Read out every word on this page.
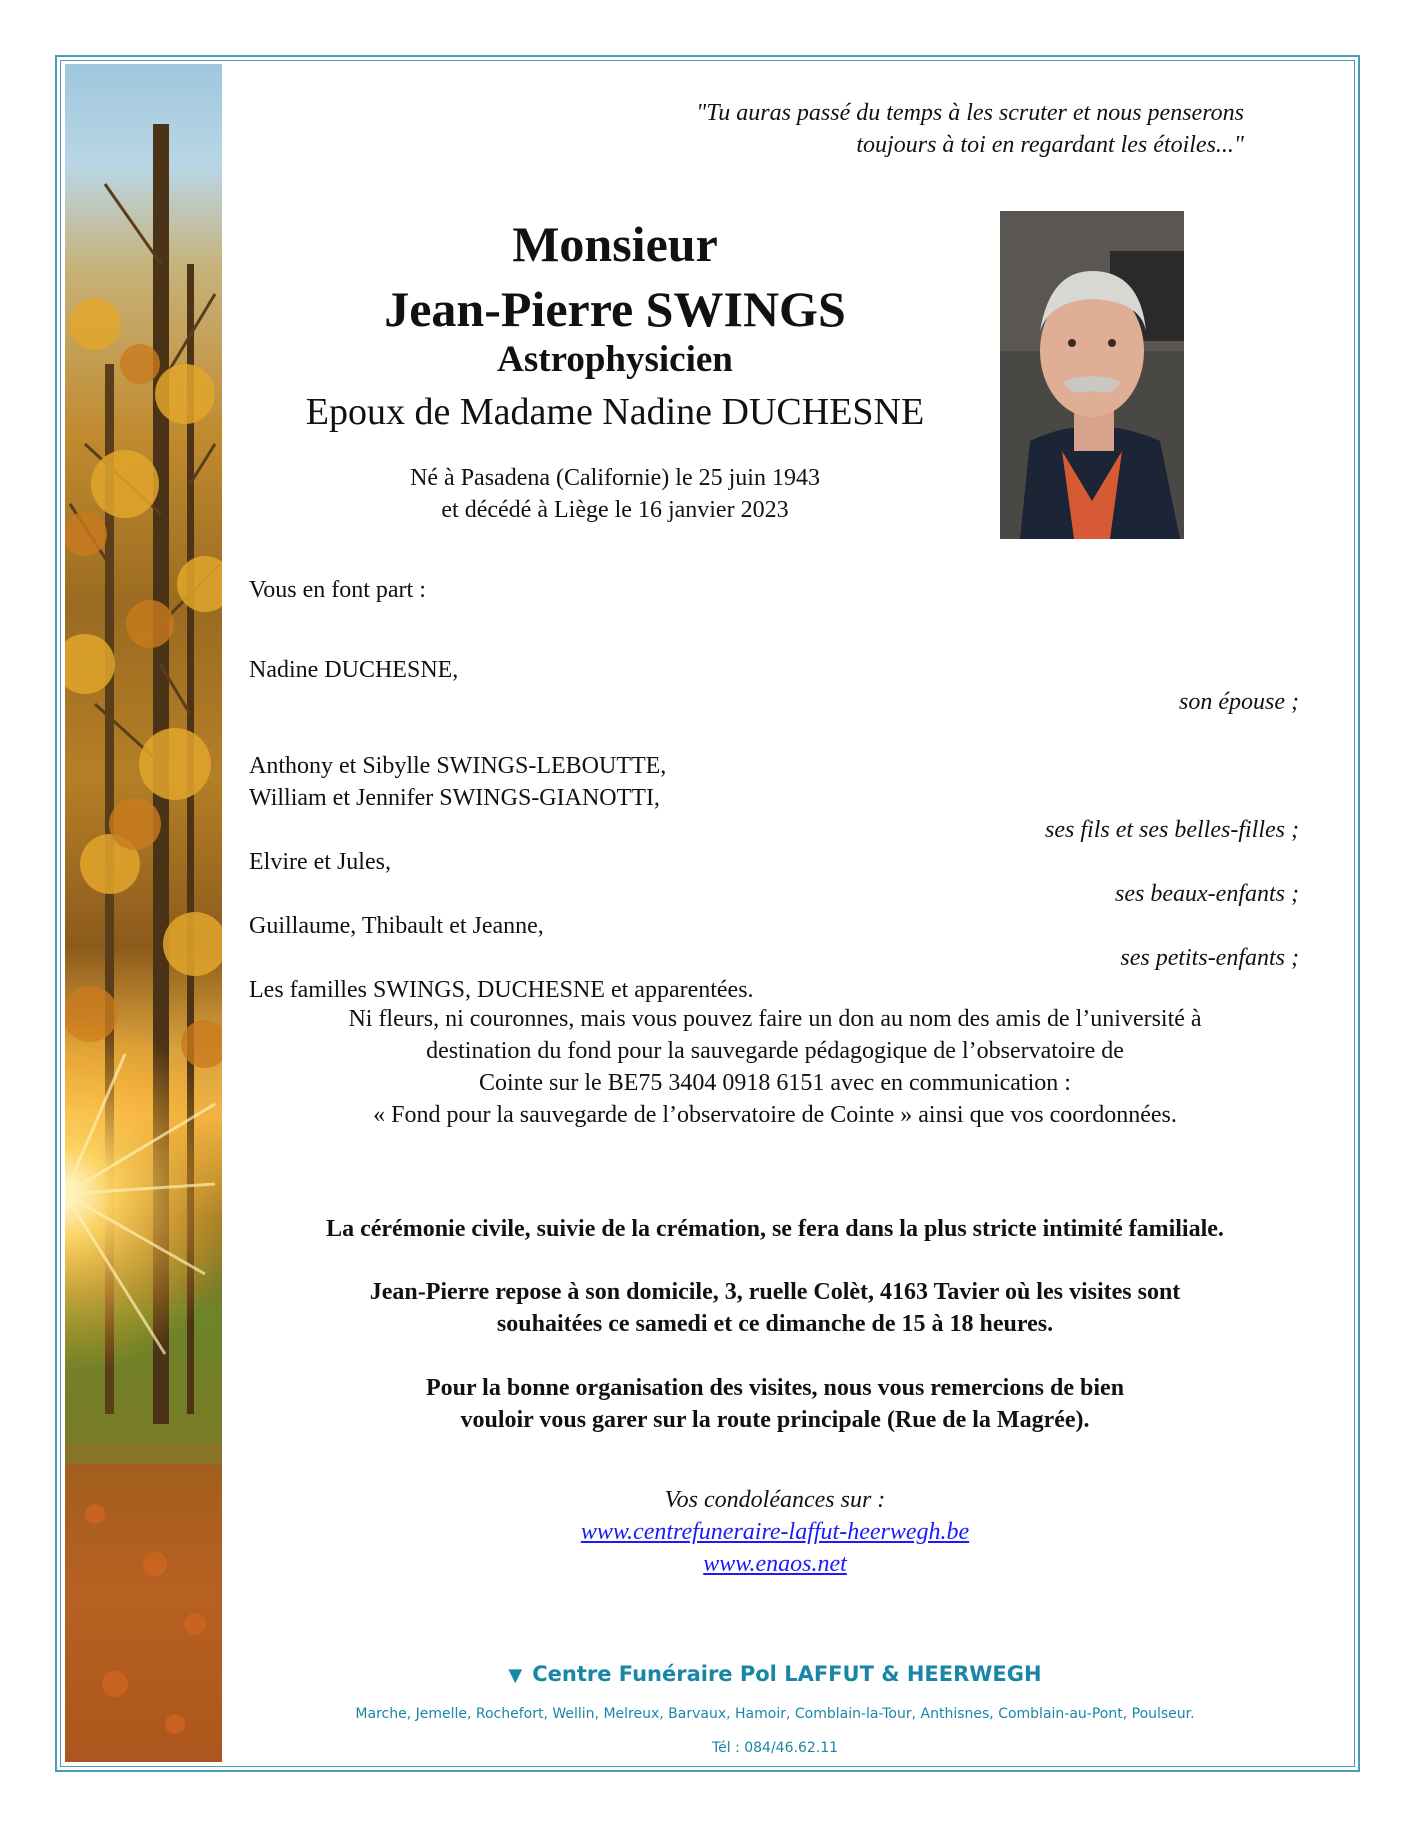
"Tu auras passé du temps à les scruter et nous penserons
toujours à toi en regardant les étoiles..."
Monsieur
Jean-Pierre SWINGS
Astrophysicien
Epoux de Madame Nadine DUCHESNE
Né à Pasadena (Californie) le 25 juin 1943
et décédé à Liège le 16 janvier 2023
Vous en font part :
Nadine DUCHESNE,
son épouse ;
Anthony et Sibylle SWINGS-LEBOUTTE,
William et Jennifer SWINGS-GIANOTTI,
ses fils et ses belles-filles ;
Elvire et Jules,
ses beaux-enfants ;
Guillaume, Thibault et Jeanne,
ses petits-enfants ;
Les familles SWINGS, DUCHESNE et apparentées.
Ni fleurs, ni couronnes, mais vous pouvez faire un don au nom des amis de l’université à
destination du fond pour la sauvegarde pédagogique de l’observatoire de
Cointe sur le BE75 3404 0918 6151 avec en communication :
« Fond pour la sauvegarde de l’observatoire de Cointe » ainsi que vos coordonnées.
La cérémonie civile, suivie de la crémation, se fera dans la plus stricte intimité familiale.
Jean-Pierre repose à son domicile, 3, ruelle Colèt, 4163 Tavier où les visites sont
souhaitées ce samedi et ce dimanche de 15 à 18 heures.
Pour la bonne organisation des visites, nous vous remercions de bien
vouloir vous garer sur la route principale (Rue de la Magrée).
Vos condoléances sur :
www.centrefuneraire-laffut-heerwegh.be
www.enaos.net
▼ Centre Funéraire Pol LAFFUT & HEERWEGH
Marche, Jemelle, Rochefort, Wellin, Melreux, Barvaux, Hamoir, Comblain-la-Tour, Anthisnes, Comblain-au-Pont, Poulseur.
Tél : 084/46.62.11
